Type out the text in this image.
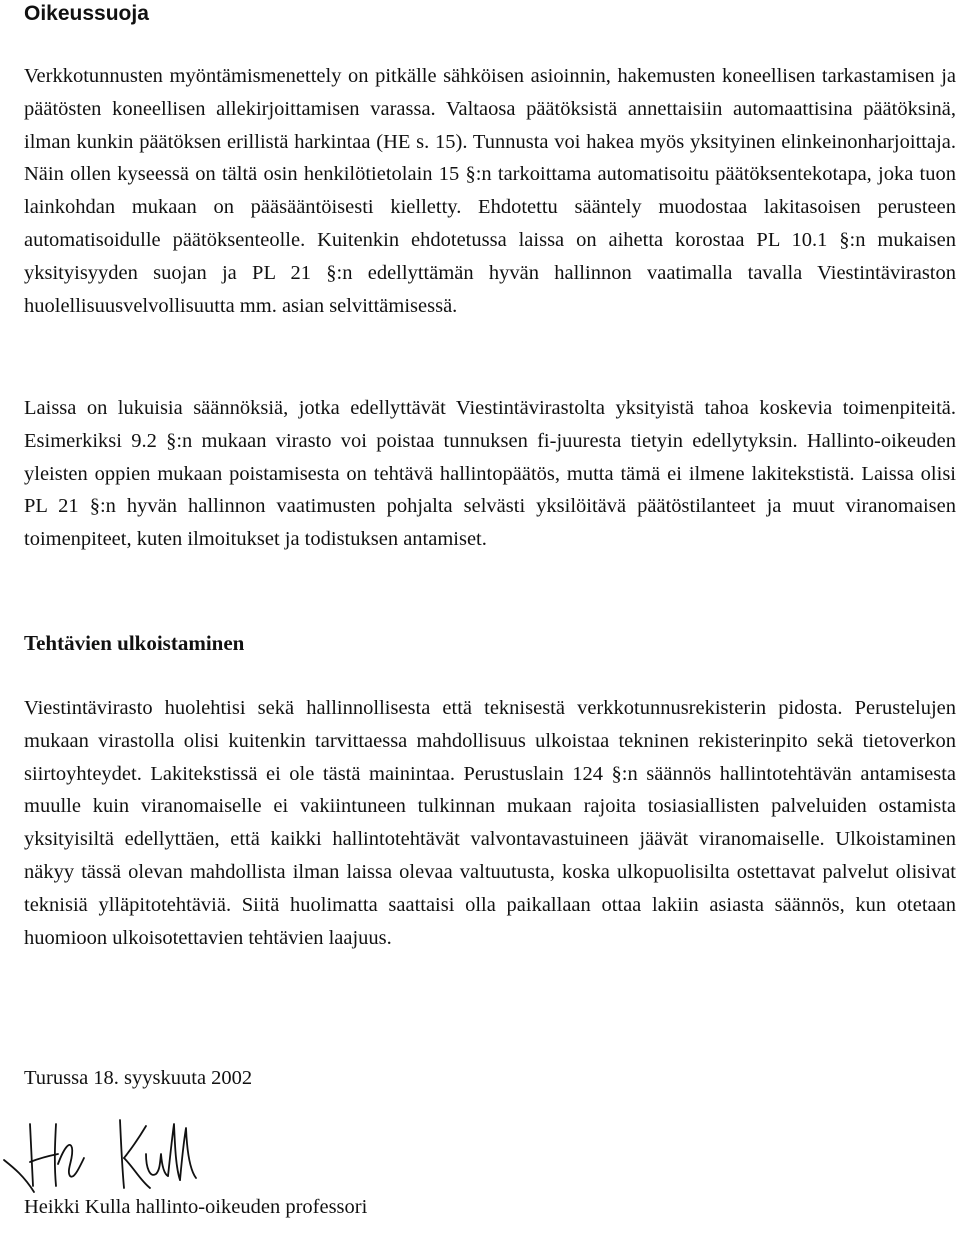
Oikeussuoja

Verkkotunnusten myöntämismenettely on pitkälle sähköisen asioinnin, hakemusten koneellisen tarkastamisen ja päätösten koneellisen allekirjoittamisen varassa. Valtaosa päätöksistä annettaisiin automaattisina päätöksinä, ilman kunkin päätöksen erillistä harkintaa (HE s. 15). Tunnusta voi hakea myös yksityinen elinkeinonharjoittaja. Näin ollen kyseessä on tältä osin henkilötietolain 15 §:n tarkoittama automatisoitu päätöksentekotapa, joka tuon lainkohdan mukaan on pääsääntöisesti kielletty. Ehdotettu sääntely muodostaa lakitasoisen perusteen automatisoidulle päätöksenteolle. Kuitenkin ehdotetussa laissa on aihetta korostaa PL 10.1 §:n mukaisen yksityisyyden suojan ja PL 21 §:n edellyttämän hyvän hallinnon vaatimalla tavalla Viestintäviraston huolellisuusvelvollisuutta mm. asian selvittämisessä.

Laissa on lukuisia säännöksiä, jotka edellyttävät Viestintävirastolta yksityistä tahoa koskevia toimenpiteitä. Esimerkiksi 9.2 §:n mukaan virasto voi poistaa tunnuksen fi-juuresta tietyin edellytyksin. Hallinto-oikeuden yleisten oppien mukaan poistamisesta on tehtävä hallintopäätös, mutta tämä ei ilmene lakitekstistä. Laissa olisi PL 21 §:n hyvän hallinnon vaatimusten pohjalta selvästi yksilöitävä päätöstilanteet ja muut viranomaisen toimenpiteet, kuten ilmoitukset ja todistuksen antamiset.

Tehtävien ulkoistaminen

Viestintävirasto huolehtisi sekä hallinnollisesta että teknisestä verkkotunnusrekisterin pidosta. Perustelujen mukaan virastolla olisi kuitenkin tarvittaessa mahdollisuus ulkoistaa tekninen rekisterinpito sekä tietoverkon siirtoyhteydet. Lakitekstissä ei ole tästä mainintaa. Perustuslain 124 §:n säännös hallintotehtävän antamisesta muulle kuin viranomaiselle ei vakiintuneen tulkinnan mukaan rajoita tosiasiallisten palveluiden ostamista yksityisiltä edellyttäen, että kaikki hallintotehtävät valvontavastuineen jäävät viranomaiselle. Ulkoistaminen näkyy tässä olevan mahdollista ilman laissa olevaa valtuutusta, koska ulkopuolisilta ostettavat palvelut olisivat teknisiä ylläpitotehtäviä. Siitä huolimatta saattaisi olla paikallaan ottaa lakiin asiasta säännös, kun otetaan huomioon ulkoisotettavien tehtävien laajuus.

Turussa 18. syyskuuta 2002

Heikki Kulla hallinto-oikeuden professori
